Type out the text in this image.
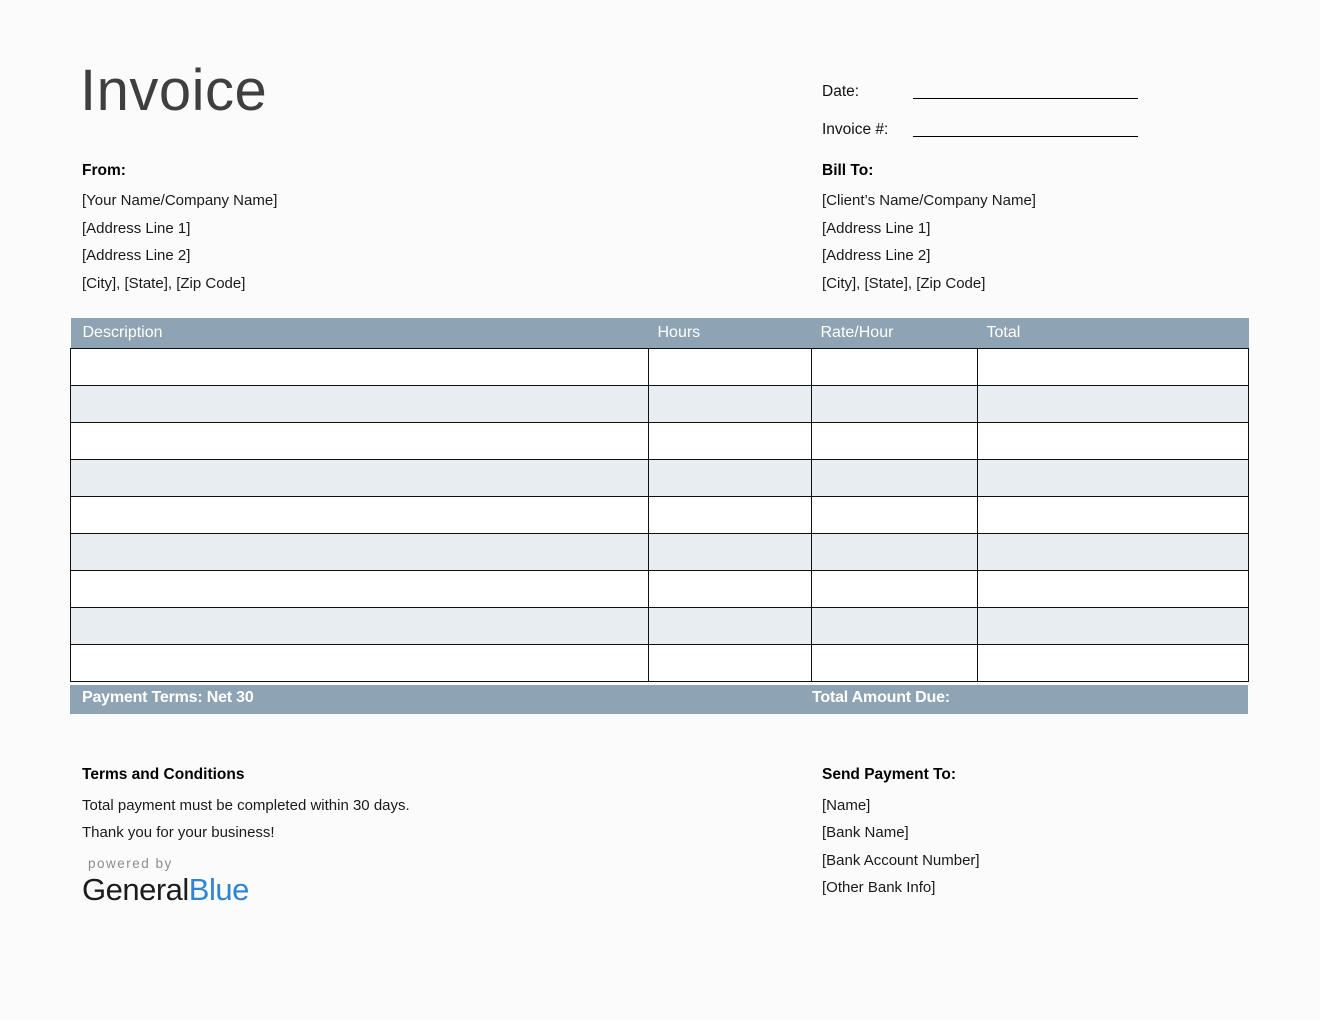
Invoice	Date:
Invoice #:
From:
[Your Name/Company Name]
[Address Line 1]
[Address Line 2]
[City], [State], [Zip Code]
Bill To:
[Client’s Name/Company Name]
[Address Line 1]
[Address Line 2]
[City], [State], [Zip Code]
Description	Hours	Rate/Hour	Total

Payment Terms: Net 30	Total Amount Due:
Terms and Conditions
Total payment must be completed within 30 days.
Thank you for your business!
Send Payment To:
[Name]
[Bank Name]
[Bank Account Number]
[Other Bank Info]
powered by
GeneralBlue
